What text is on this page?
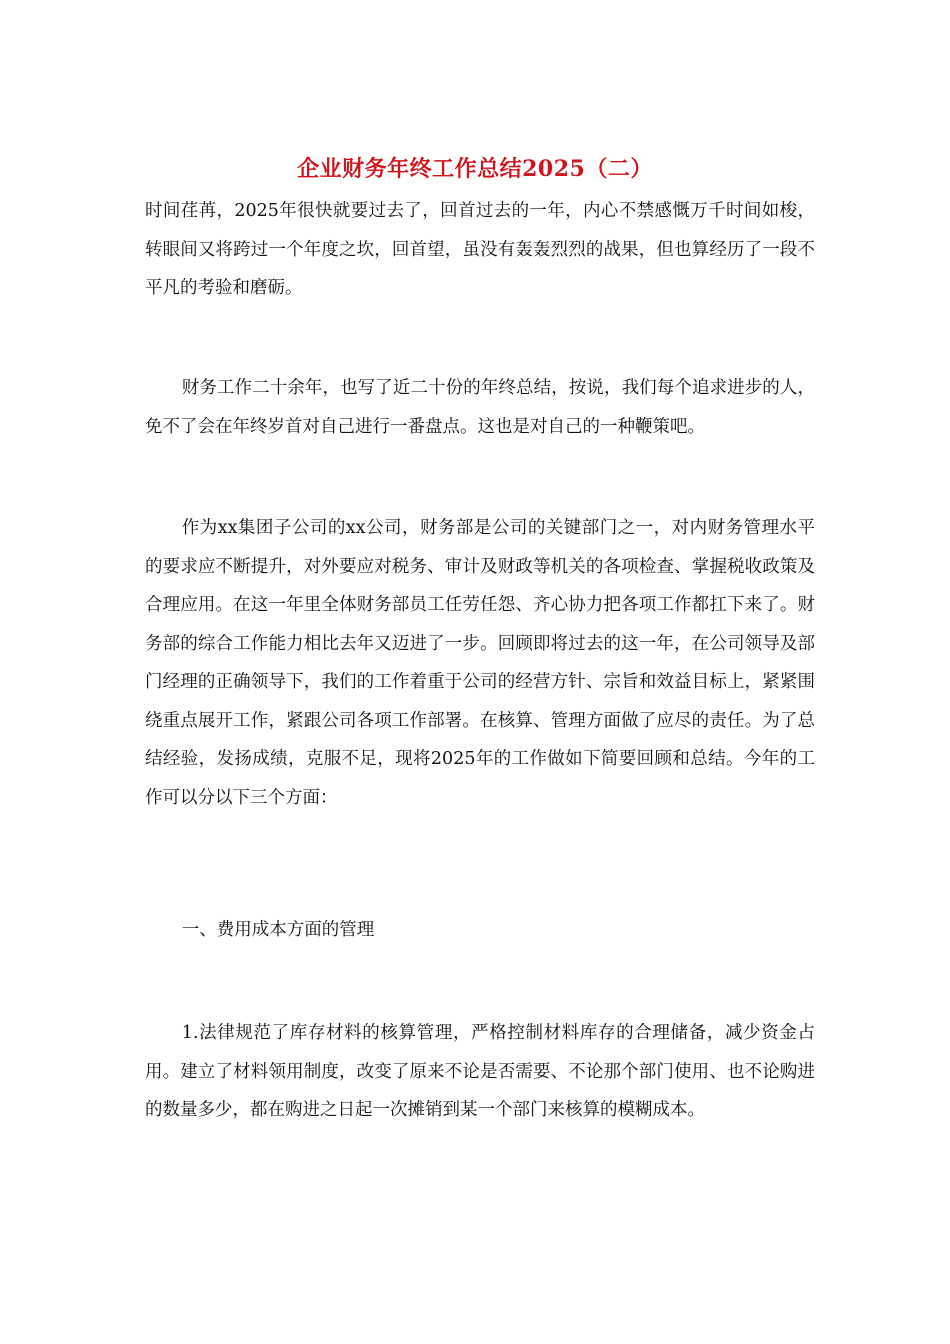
企业财务年终工作总结2025（二）

时间荏苒，2025年很快就要过去了，回首过去的一年，内心不禁感慨万千时间如梭，转眼间又将跨过一个年度之坎，回首望，虽没有轰轰烈烈的战果，但也算经历了一段不平凡的考验和磨砺。

财务工作二十余年，也写了近二十份的年终总结，按说，我们每个追求进步的人，免不了会在年终岁首对自己进行一番盘点。这也是对自己的一种鞭策吧。

作为xx集团子公司的xx公司，财务部是公司的关键部门之一，对内财务管理水平的要求应不断提升，对外要应对税务、审计及财政等机关的各项检查、掌握税收政策及合理应用。在这一年里全体财务部员工任劳任怨、齐心协力把各项工作都扛下来了。财务部的综合工作能力相比去年又迈进了一步。回顾即将过去的这一年，在公司领导及部门经理的正确领导下，我们的工作着重于公司的经营方针、宗旨和效益目标上，紧紧围绕重点展开工作，紧跟公司各项工作部署。在核算、管理方面做了应尽的责任。为了总结经验，发扬成绩，克服不足，现将2025年的工作做如下简要回顾和总结。今年的工作可以分以下三个方面：

一、费用成本方面的管理

1.法律规范了库存材料的核算管理，严格控制材料库存的合理储备，减少资金占用。建立了材料领用制度，改变了原来不论是否需要、不论那个部门使用、也不论购进的数量多少，都在购进之日起一次摊销到某一个部门来核算的模糊成本。
